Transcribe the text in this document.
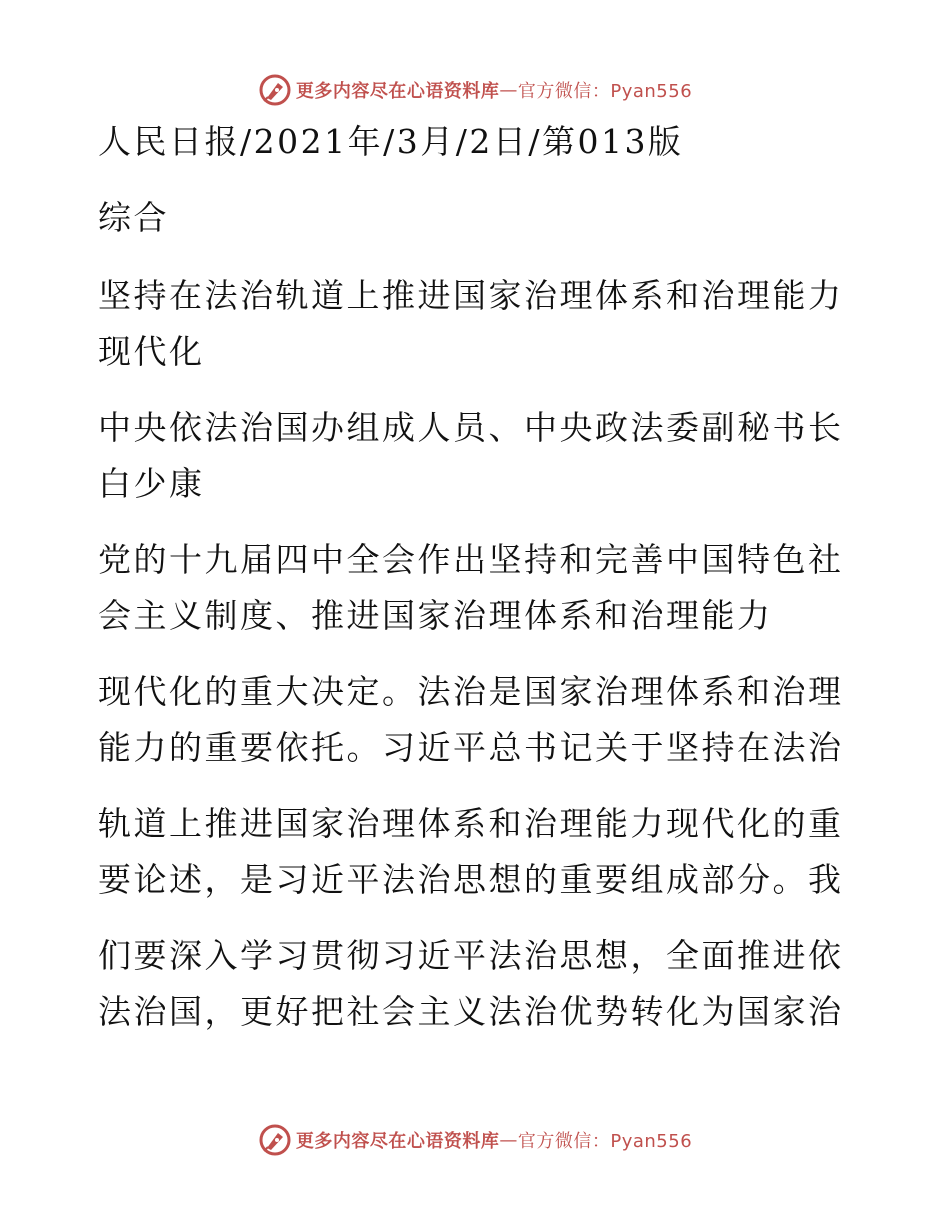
更多内容尽在心语资料库 — 官方微信：Pyan556
人民日报/2021年/3月/2日/第013版
综合
坚持在法治轨道上推进国家治理体系和治理能力
现代化
中央依法治国办组成人员、中央政法委副秘书长
白少康
党的十九届四中全会作出坚持和完善中国特色社
会主义制度、推进国家治理体系和治理能力
现代化的重大决定。法治是国家治理体系和治理
能力的重要依托。习近平总书记关于坚持在法治
轨道上推进国家治理体系和治理能力现代化的重
要论述，是习近平法治思想的重要组成部分。我
们要深入学习贯彻习近平法治思想，全面推进依
法治国，更好把社会主义法治优势转化为国家治
更多内容尽在心语资料库 — 官方微信：Pyan556
